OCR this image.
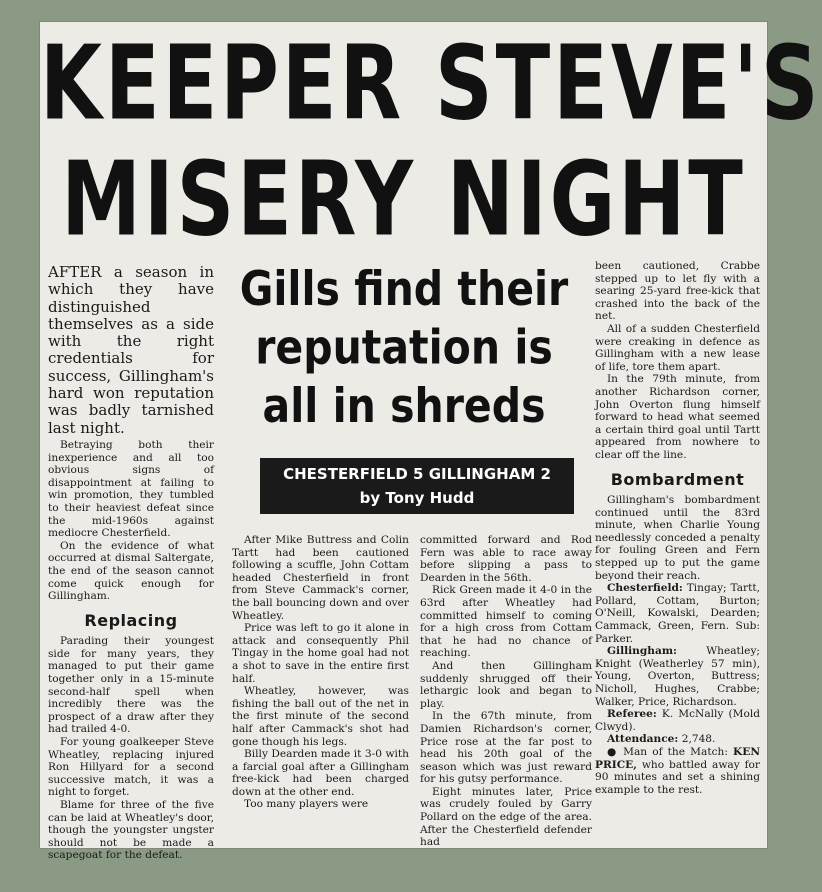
KEEPER STEVE'S
MISERY NIGHT

AFTER a season in which they have distinguished themselves as a side with the right credentials for success, Gillingham's hard won reputation was badly tarnished last night.

Betraying both their inexperience and all too obvious signs of disappointment at failing to win promotion, they tumbled to their heaviest defeat since the mid-1960s against mediocre Chesterfield.

On the evidence of what occurred at dismal Saltergate, the end of the season cannot come quick enough for Gillingham.

Replacing

Parading their youngest side for many years, they managed to put their game together only in a 15-minute second-half spell when incredibly there was the prospect of a draw after they had trailed 4-0.

For young goalkeeper Steve Wheatley, replacing injured Ron Hillyard for a second successive match, it was a night to forget.

Blame for three of the five can be laid at Wheatley's door, though the youngster ungster should not be made a scapegoat for the defeat.

Gills find their
reputation is
all in shreds
CHESTERFIELD 5 GILLINGHAM 2
by Tony Hudd

After Mike Buttress and Colin Tartt had been cautioned following a scuffle, John Cottam headed Chesterfield in front from Steve Cammack's corner, the ball bouncing down and over Wheatley.

Price was left to go it alone in attack and consequently Phil Tingay in the home goal had not a shot to save in the entire first half.

Wheatley, however, was fishing the ball out of the net in the first minute of the second half after Cammack's shot had gone though his legs.

Billy Dearden made it 3-0 with a farcial goal after a Gillingham free-kick had been charged down at the other end.

Too many players were

committed forward and Rod Fern was able to race away before slipping a pass to Dearden in the 56th.

Rick Green made it 4-0 in the 63rd after Wheatley had committed himself to coming for a high cross from Cottam that he had no chance of reaching.

And then Gillingham suddenly shrugged off their lethargic look and began to play.

In the 67th minute, from Damien Richardson's corner, Price rose at the far post to head his 20th goal of the season which was just reward for his gutsy performance.

Eight minutes later, Price was crudely fouled by Garry Pollard on the edge of the area. After the Chesterfield defender had

been cautioned, Crabbe stepped up to let fly with a searing 25-yard free-kick that crashed into the back of the net.

All of a sudden Chesterfield were creaking in defence as Gillingham with a new lease of life, tore them apart.

In the 79th minute, from another Richardson corner, John Overton flung himself forward to head what seemed a certain third goal until Tartt appeared from nowhere to clear off the line.

Bombardment

Gillingham's bombardment continued until the 83rd minute, when Charlie Young needlessly conceded a penalty for fouling Green and Fern stepped up to put the game beyond their reach.

Chesterfield: Tingay; Tartt, Pollard, Cottam, Burton; O'Neill, Kowalski, Dearden; Cammack, Green, Fern. Sub: Parker.

Gillingham:	Wheatley; Knight (Weatherley 57 min), Young, Overton, Buttress; Nicholl, Hughes, Crabbe; Walker, Price, Richardson.

Referee: K. McNally (Mold Clwyd).

Attendance: 2,748.

● Man of the Match: KEN PRICE, who battled away for 90 minutes and set a shining example to the rest.
